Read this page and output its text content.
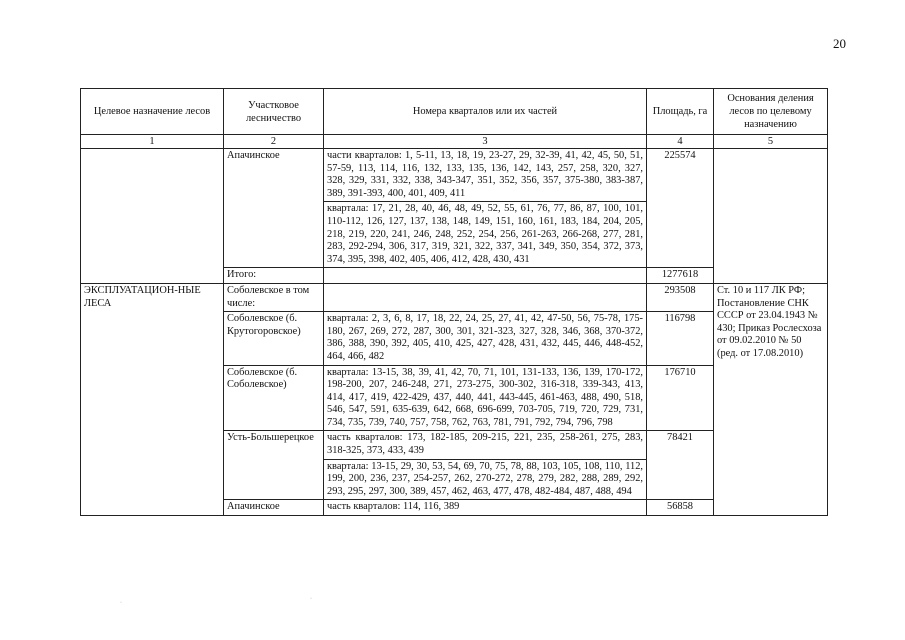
20
Целевое назначение лесов	Участковое лесничество	Номера кварталов или их частей	Площадь, га	Основания деления лесов по целевому назначению
1	2	3	4	5
	Апачинское	части кварталов: 1, 5-11, 13, 18, 19, 23-27, 29, 32-39, 41, 42, 45, 50, 51, 57-59, 113, 114, 116, 132, 133, 135, 136, 142, 143, 257, 258, 320, 327, 328, 329, 331, 332, 338, 343-347, 351, 352, 356, 357, 375-380, 383-387, 389, 391-393, 400, 401, 409, 411	225574	
		квартала: 17, 21, 28, 40, 46, 48, 49, 52, 55, 61, 76, 77, 86, 87, 100, 101, 110-112, 126, 127, 137, 138, 148, 149, 151, 160, 161, 183, 184, 204, 205, 218, 219, 220, 241, 246, 248, 252, 254, 256, 261-263, 266-268, 277, 281, 283, 292-294, 306, 317, 319, 321, 322, 337, 341, 349, 350, 354, 372, 373, 374, 395, 398, 402, 405, 406, 412, 428, 430, 431		
	Итого:		1277618	
ЭКСПЛУАТАЦИОН-НЫЕ ЛЕСА	Соболевское в том числе:		293508	Ст. 10 и 117 ЛК РФ; Постановление СНК СССР от 23.04.1943 № 430; Приказ Рослесхоза от 09.02.2010 № 50 (ред. от 17.08.2010)
	Соболевское (б. Крутогоровское)	квартала: 2, 3, 6, 8, 17, 18, 22, 24, 25, 27, 41, 42, 47-50, 56, 75-78, 175-180, 267, 269, 272, 287, 300, 301, 321-323, 327, 328, 346, 368, 370-372, 386, 388, 390, 392, 405, 410, 425, 427, 428, 431, 432, 445, 446, 448-452, 464, 466, 482	116798	
	Соболевское (б. Соболевское)	квартала: 13-15, 38, 39, 41, 42, 70, 71, 101, 131-133, 136, 139, 170-172, 198-200, 207, 246-248, 271, 273-275, 300-302, 316-318, 339-343, 413, 414, 417, 419, 422-429, 437, 440, 441, 443-445, 461-463, 488, 490, 518, 546, 547, 591, 635-639, 642, 668, 696-699, 703-705, 719, 720, 729, 731, 734, 735, 739, 740, 757, 758, 762, 763, 781, 791, 792, 794, 796, 798	176710	
	Усть-Большерецкое	часть кварталов: 173, 182-185, 209-215, 221, 235, 258-261, 275, 283, 318-325, 373, 433, 439	78421	
		квартала: 13-15, 29, 30, 53, 54, 69, 70, 75, 78, 88, 103, 105, 108, 110, 112, 199, 200, 236, 237, 254-257, 262, 270-272, 278, 279, 282, 288, 289, 292, 293, 295, 297, 300, 389, 457, 462, 463, 477, 478, 482-484, 487, 488, 494		
	Апачинское	часть кварталов: 114, 116, 389	56858	
·
·
